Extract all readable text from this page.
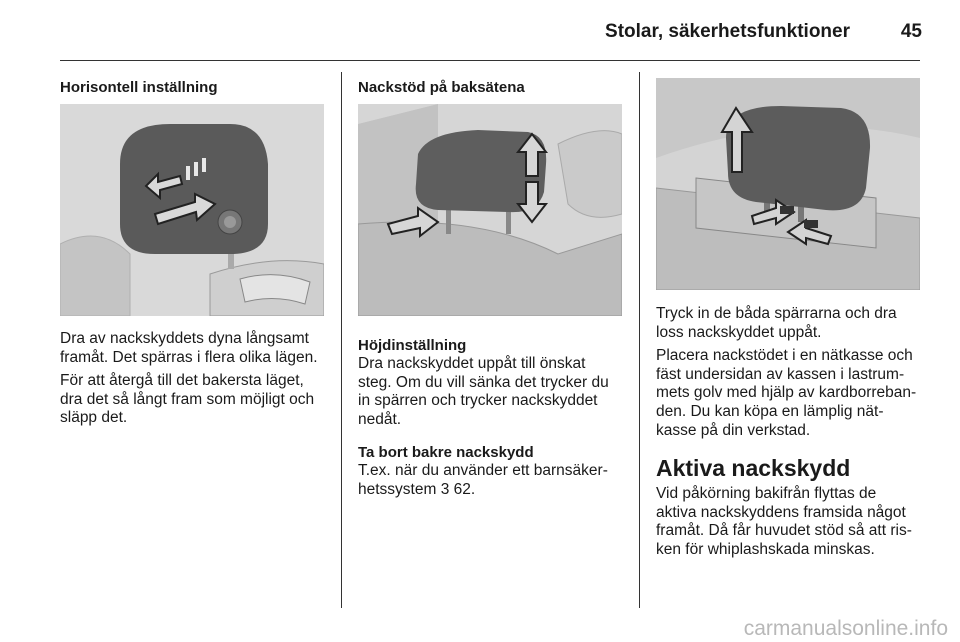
Stolar, säkerhetsfunktioner	45
Horisontell inställning

Dra av nackskyddets dyna långsamt framåt. Det spärras i flera olika lägen.

För att återgå till det bakersta läget, dra det så långt fram som möjligt och släpp det.

Nackstöd på baksätena
Höjdinställning

Dra nackskyddet uppåt till önskat steg. Om du vill sänka det trycker du in spärren och trycker nackskyddet nedåt.

Ta bort bakre nackskydd

T.ex. när du använder ett barnsäker-hetssystem 3 62.

Tryck in de båda spärrarna och dra loss nackskyddet uppåt.

Placera nackstödet i en nätkasse och fäst undersidan av kassen i lastrum-mets golv med hjälp av kardborreban-den. Du kan köpa en lämplig nät-kasse på din verkstad.

Aktiva nackskydd

Vid påkörning bakifrån flyttas de aktiva nackskyddens framsida något framåt. Då får huvudet stöd så att ris-ken för whiplashskada minskas.

carmanualsonline.info
